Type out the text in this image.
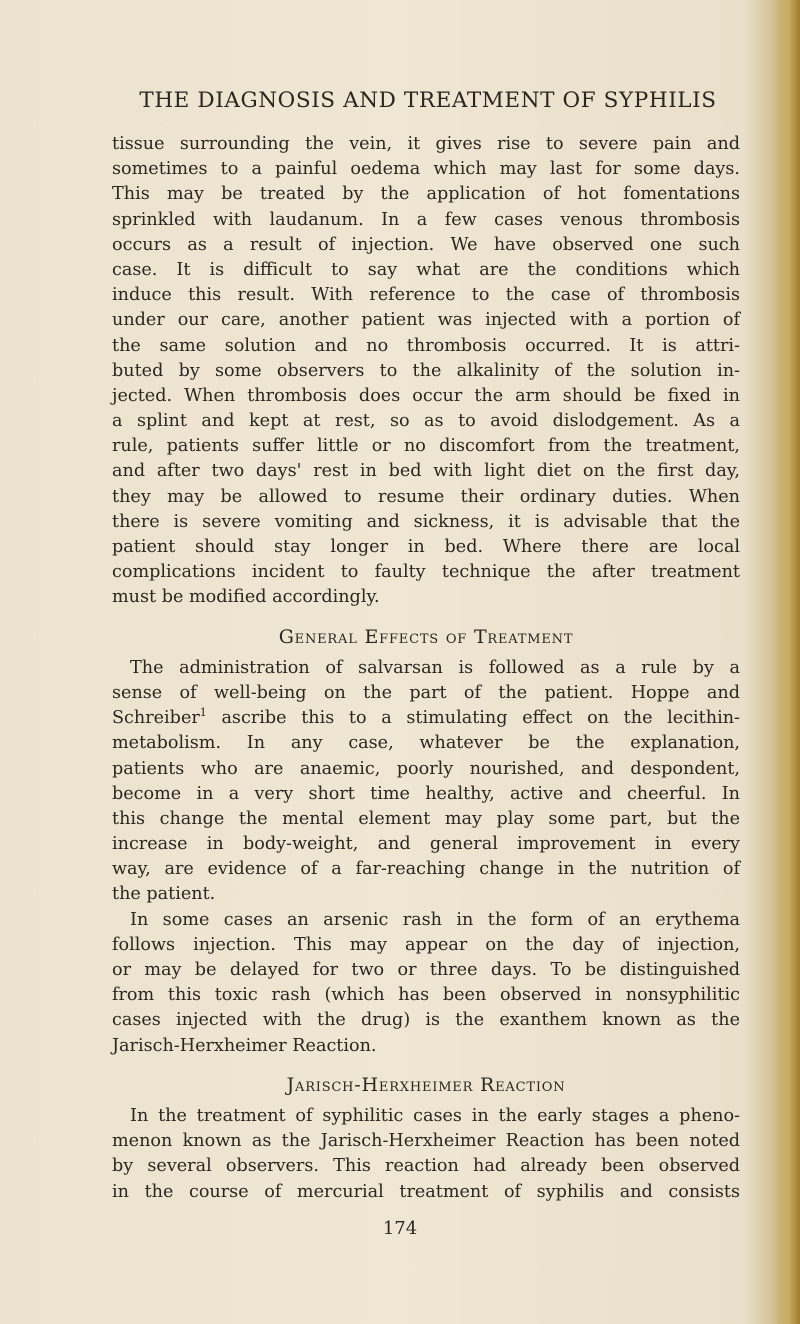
THE DIAGNOSIS AND TREATMENT OF SYPHILIS
tissue surrounding the vein, it gives rise to severe pain and
sometimes to a painful oedema which may last for some days.
This may be treated by the application of hot fomentations
sprinkled with laudanum. In a few cases venous thrombosis
occurs as a result of injection. We have observed one such
case. It is difficult to say what are the conditions which
induce this result. With reference to the case of thrombosis
under our care, another patient was injected with a portion of
the same solution and no thrombosis occurred. It is attri-
buted by some observers to the alkalinity of the solution in-
jected. When thrombosis does occur the arm should be fixed in
a splint and kept at rest, so as to avoid dislodgement. As a
rule, patients suffer little or no discomfort from the treatment,
and after two days' rest in bed with light diet on the first day,
they may be allowed to resume their ordinary duties. When
there is severe vomiting and sickness, it is advisable that the
patient should stay longer in bed. Where there are local
complications incident to faulty technique the after treatment
must be modified accordingly.
General Effects of Treatment
The administration of salvarsan is followed as a rule by a
sense of well-being on the part of the patient. Hoppe and
Schreiber$^1$ ascribe this to a stimulating effect on the lecithin-
metabolism. In any case, whatever be the explanation,
patients who are anaemic, poorly nourished, and despondent,
become in a very short time healthy, active and cheerful. In
this change the mental element may play some part, but the
increase in body-weight, and general improvement in every
way, are evidence of a far-reaching change in the nutrition of
the patient.
In some cases an arsenic rash in the form of an erythema
follows injection. This may appear on the day of injection,
or may be delayed for two or three days. To be distinguished
from this toxic rash (which has been observed in nonsyphilitic
cases injected with the drug) is the exanthem known as the
Jarisch-Herxheimer Reaction.
Jarisch-Herxheimer Reaction
In the treatment of syphilitic cases in the early stages a pheno-
menon known as the Jarisch-Herxheimer Reaction has been noted
by several observers. This reaction had already been observed
in the course of mercurial treatment of syphilis and consists
174
